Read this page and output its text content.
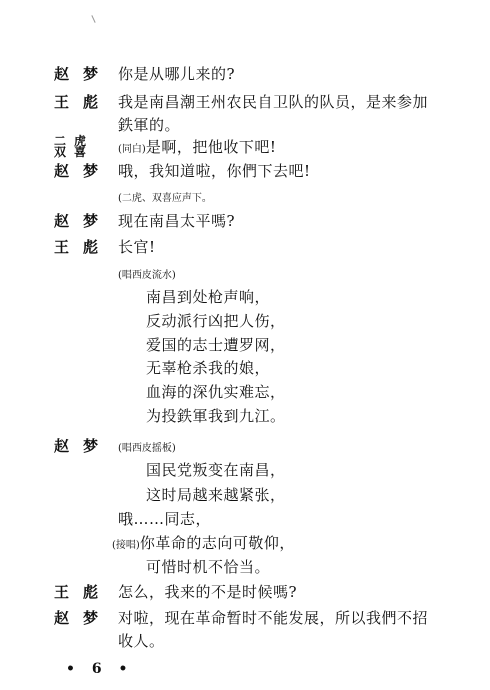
赵梦 你是从哪儿来的?
王彪 我是南昌潮王州农民自卫队的队员，是来参加鉄軍的。
二虎
双喜 (同白)是啊，把他收下吧!
赵梦 哦，我知道啦，你們下去吧!
(二虎、双喜应声下。
赵梦 现在南昌太平嗎?
王彪 长官!
(唱西皮流水)
南昌到处枪声响，
反动派行凶把人伤，
爱国的志士遭罗网，
无辜枪杀我的娘，
血海的深仇实难忘，
为投鉄軍我到九江。
赵梦 (唱西皮摇板)
国民党叛变在南昌，
这时局越来越紧张，
哦……同志，
(接唱)你革命的志向可敬仰，
可惜时机不恰当。
王彪 怎么，我来的不是时候嗎?
赵梦 对啦，现在革命暂时不能发展，所以我們不招收人。
• 6 •
